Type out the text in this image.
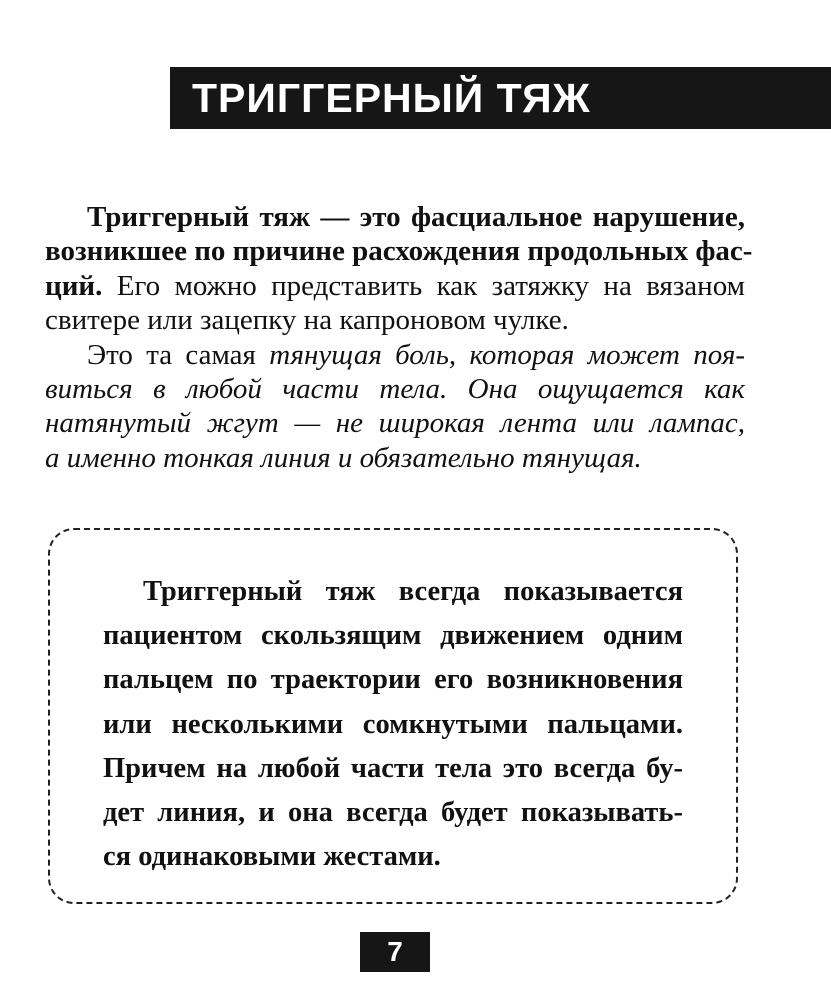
ТРИГГЕРНЫЙ ТЯЖ
Триггерный тяж — это фасциальное нарушение,
возникшее по причине расхождения продольных фас-
ций. Его можно представить как затяжку на вязаном
свитере или зацепку на капроновом чулке.
Это та самая тянущая боль, которая может поя-
виться в любой части тела. Она ощущается как
натянутый жгут — не широкая лента или лампас,
а именно тонкая линия и обязательно тянущая.
Триггерный тяж всегда показывается
пациентом скользящим движением одним
пальцем по траектории его возникновения
или несколькими сомкнутыми пальцами.
Причем на любой части тела это всегда бу-
дет линия, и она всегда будет показывать-
ся одинаковыми жестами.
7
